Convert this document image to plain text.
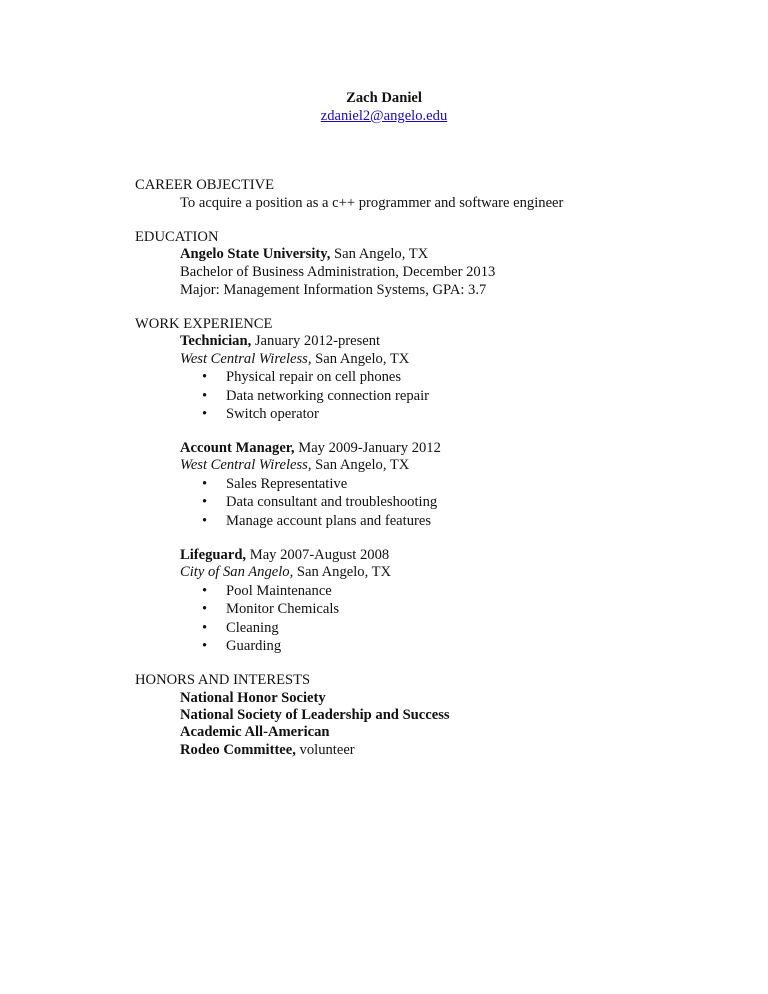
Zach Daniel
zdaniel2@angelo.edu
CAREER OBJECTIVE
To acquire a position as a c++ programmer and software engineer
EDUCATION
Angelo State University, San Angelo, TX
Bachelor of Business Administration, December 2013
Major: Management Information Systems, GPA: 3.7
WORK EXPERIENCE
Technician, January 2012-present
West Central Wireless, San Angelo, TX
• Physical repair on cell phones
• Data networking connection repair
• Switch operator
Account Manager, May 2009-January 2012
West Central Wireless, San Angelo, TX
• Sales Representative
• Data consultant and troubleshooting
• Manage account plans and features
Lifeguard, May 2007-August 2008
City of San Angelo, San Angelo, TX
• Pool Maintenance
• Monitor Chemicals
• Cleaning
• Guarding
HONORS AND INTERESTS
National Honor Society
National Society of Leadership and Success
Academic All-American
Rodeo Committee, volunteer
